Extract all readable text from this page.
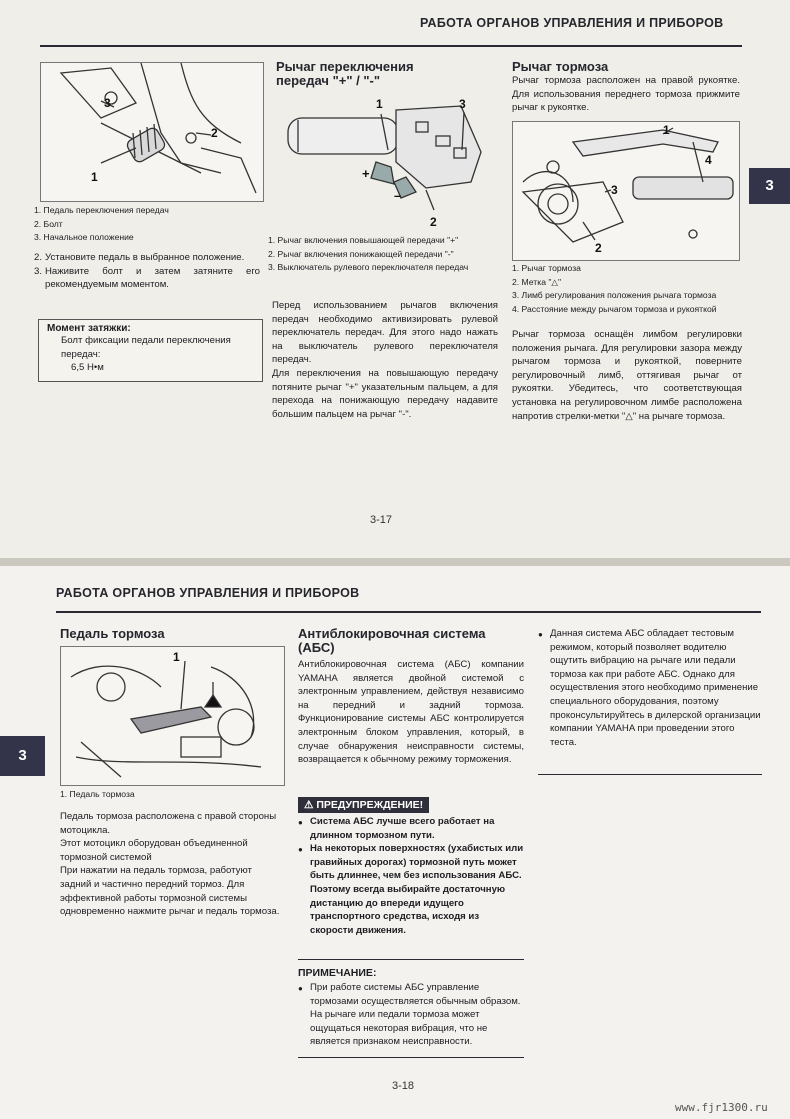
РАБОТА ОРГАНОВ УПРАВЛЕНИЯ И ПРИБОРОВ
3
2
1
1. Педаль переключения передач
2. Болт
3. Начальное положение
2. Установите педаль в выбранное положение.
3. Наживите болт и затем затяните его рекомендуемым моментом.
Момент затяжки:
Болт фиксации педали переключения передач:
6,5 Н•м
Рычаг переключения
передач "+" / "-"
1	3
2
+
–
1. Рычаг включения повышающей передачи "+"
2. Рычаг включения понижающей передачи "-"
3. Выключатель рулевого переключателя передач

Перед использованием рычагов включения передач необходимо активизировать рулевой переключатель передач. Для этого надо нажать на выключатель рулевого переключателя передач.

Для переключения на повышающую передачу потяните рычаг "+" указательным пальцем, а для перехода на понижающую передачу надавите большим пальцем на рычаг "-".

3-17
Рычаг тормоза
Рычаг тормоза расположен на правой рукоятке. Для использования переднего тормоза прижмите рычаг к рукоятке.
1
4
3
2
1. Рычаг тормоза
2. Метка "△"
3. Лимб регулирования положения рычага тормоза
4. Расстояние между рычагом тормоза и рукояткой
Рычаг тормоза оснащён лимбом регулировки положения рычага. Для регулировки зазора между рычагом тормоза и рукояткой, поверните регулировочный лимб, оттягивая рычаг от рукоятки. Убедитесь, что соответствующая установка на регулировочном лимбе расположена напротив стрелки-метки "△" на рычаге тормоза.
3
РАБОТА ОРГАНОВ УПРАВЛЕНИЯ И ПРИБОРОВ
3
Педаль тормоза
1
1. Педаль тормоза

Педаль тормоза расположена с правой стороны мотоцикла.

Этот мотоцикл оборудован объединенной тормозной системой

При нажатии на педаль тормоза, работуют задний и частично передний тормоз. Для эффективной работы тормозной системы одновременно нажмите рычаг и педаль тормоза.

Антиблокировочная система
(АБС)
Антиблокировочная система (АБС) компании YAMAHA является двойной системой с электронным управлением, действуя независимо на передний и задний тормоза. Функционирование системы АБС контролируется электронным блоком управления, который, в случае обнаружения неисправности системы, возвращается к обычному режиму торможения.
⚠ ПРЕДУПРЕЖДЕНИЕ!
● Система АБС лучше всего работает на длинном тормозном пути.
● На некоторых поверхностях (ухабистых или гравийных дорогах) тормозной путь может быть длиннее, чем без использования АБС. Поэтому всегда выбирайте достаточную дистанцию до впереди идущего транспортного средства, исходя из скорости движения.
ПРИМЕЧАНИЕ:
● При работе системы АБС управление тормозами осуществляется обычным образом. На рычаге или педали тормоза может ощущаться некоторая вибрация, что не является признаком неисправности.
3-18
● Данная система АБС обладает тестовым режимом, который позволяет водителю ощутить вибрацию на рычаге или педали тормоза как при работе АБС. Однако для осуществления этого необходимо применение специального оборудования, поэтому проконсультируйтесь в дилерской организации компании YAMAHA при проведении этого теста.
www.fjr1300.ru
